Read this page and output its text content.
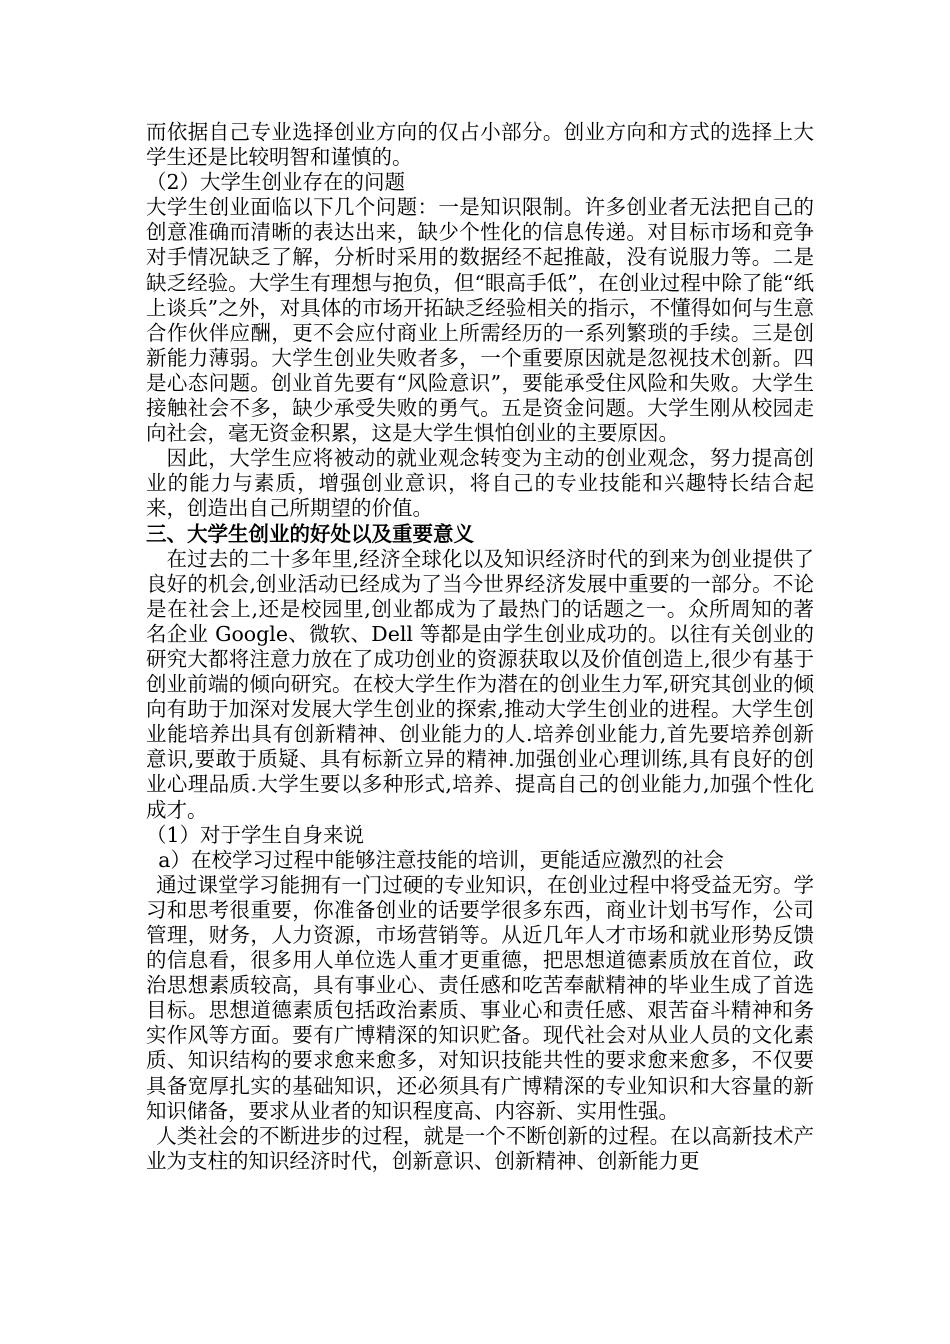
而依据自己专业选择创业方向的仅占小部分。创业方向和方式的选择上大学生还是比较明智和谨慎的。

（2）大学生创业存在的问题

大学生创业面临以下几个问题：一是知识限制。许多创业者无法把自己的创意准确而清晰的表达出来，缺少个性化的信息传递。对目标市场和竞争对手情况缺乏了解，分析时采用的数据经不起推敲，没有说服力等。二是缺乏经验。大学生有理想与抱负，但“眼高手低”，在创业过程中除了能“纸上谈兵”之外，对具体的市场开拓缺乏经验相关的指示，不懂得如何与生意合作伙伴应酬，更不会应付商业上所需经历的一系列繁琐的手续。三是创新能力薄弱。大学生创业失败者多，一个重要原因就是忽视技术创新。四是心态问题。创业首先要有“风险意识”，要能承受住风险和失败。大学生接触社会不多，缺少承受失败的勇气。五是资金问题。大学生刚从校园走向社会，毫无资金积累，这是大学生惧怕创业的主要原因。

因此，大学生应将被动的就业观念转变为主动的创业观念，努力提高创业的能力与素质，增强创业意识，将自己的专业技能和兴趣特长结合起来，创造出自己所期望的价值。

三、大学生创业的好处以及重要意义

在过去的二十多年里,经济全球化以及知识经济时代的到来为创业提供了良好的机会,创业活动已经成为了当今世界经济发展中重要的一部分。不论是在社会上,还是校园里,创业都成为了最热门的话题之一。众所周知的著名企业 Google、微软、Dell 等都是由学生创业成功的。以往有关创业的研究大都将注意力放在了成功创业的资源获取以及价值创造上,很少有基于创业前端的倾向研究。在校大学生作为潜在的创业生力军,研究其创业的倾向有助于加深对发展大学生创业的探索,推动大学生创业的进程。大学生创业能培养出具有创新精神、创业能力的人.培养创业能力,首先要培养创新意识,要敢于质疑、具有标新立异的精神.加强创业心理训练,具有良好的创业心理品质.大学生要以多种形式,培养、提高自己的创业能力,加强个性化成才。

（1）对于学生自身来说

a）在校学习过程中能够注意技能的培训，更能适应激烈的社会

通过课堂学习能拥有一门过硬的专业知识，在创业过程中将受益无穷。学习和思考很重要，你准备创业的话要学很多东西，商业计划书写作，公司管理，财务，人力资源，市场营销等。从近几年人才市场和就业形势反馈的信息看，很多用人单位选人重才更重德，把思想道德素质放在首位，政治思想素质较高，具有事业心、责任感和吃苦奉献精神的毕业生成了首选目标。思想道德素质包括政治素质、事业心和责任感、艰苦奋斗精神和务实作风等方面。要有广博精深的知识贮备。现代社会对从业人员的文化素质、知识结构的要求愈来愈多，对知识技能共性的要求愈来愈多，不仅要具备宽厚扎实的基础知识，还必须具有广博精深的专业知识和大容量的新知识储备，要求从业者的知识程度高、内容新、实用性强。

人类社会的不断进步的过程，就是一个不断创新的过程。在以高新技术产业为支柱的知识经济时代，创新意识、创新精神、创新能力更
